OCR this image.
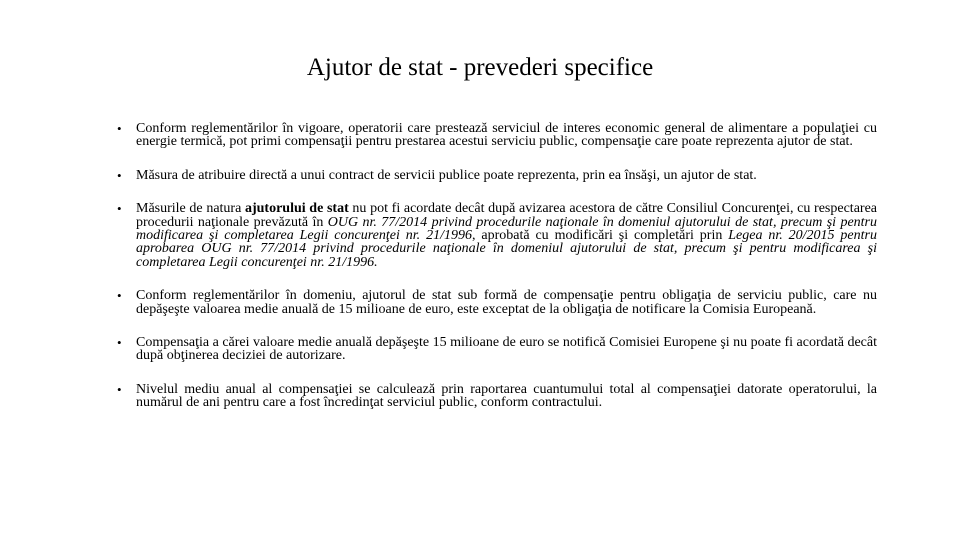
Ajutor de stat - prevederi specifice
• Conform reglementărilor în vigoare, operatorii care prestează serviciul de interes economic general de alimentare a populaţiei cu energie termică, pot primi compensaţii pentru prestarea acestui serviciu public, compensaţie care poate reprezenta ajutor de stat.
• Măsura de atribuire directă a unui contract de servicii publice poate reprezenta, prin ea însăşi, un ajutor de stat.
• Măsurile de natura ajutorului de stat nu pot fi acordate decât după avizarea acestora de către Consiliul Concurenţei, cu respectarea procedurii naţionale prevăzută în OUG nr. 77/2014 privind procedurile naţionale în domeniul ajutorului de stat, precum şi pentru modificarea şi completarea Legii concurenţei nr. 21/1996, aprobată cu modificări şi completări prin Legea nr. 20/2015 pentru aprobarea OUG nr. 77/2014 privind procedurile naţionale în domeniul ajutorului de stat, precum şi pentru modificarea şi completarea Legii concurenţei nr. 21/1996.
• Conform reglementărilor în domeniu, ajutorul de stat sub formă de compensaţie pentru obligaţia de serviciu public, care nu depăşeşte valoarea medie anuală de 15 milioane de euro, este exceptat de la obligaţia de notificare la Comisia Europeană.
• Compensaţia a cărei valoare medie anuală depăşeşte 15 milioane de euro se notifică Comisiei Europene şi nu poate fi acordată decât după obţinerea deciziei de autorizare.
• Nivelul mediu anual al compensaţiei se calculează prin raportarea cuantumului total al compensaţiei datorate operatorului, la numărul de ani pentru care a fost încredinţat serviciul public, conform contractului.
